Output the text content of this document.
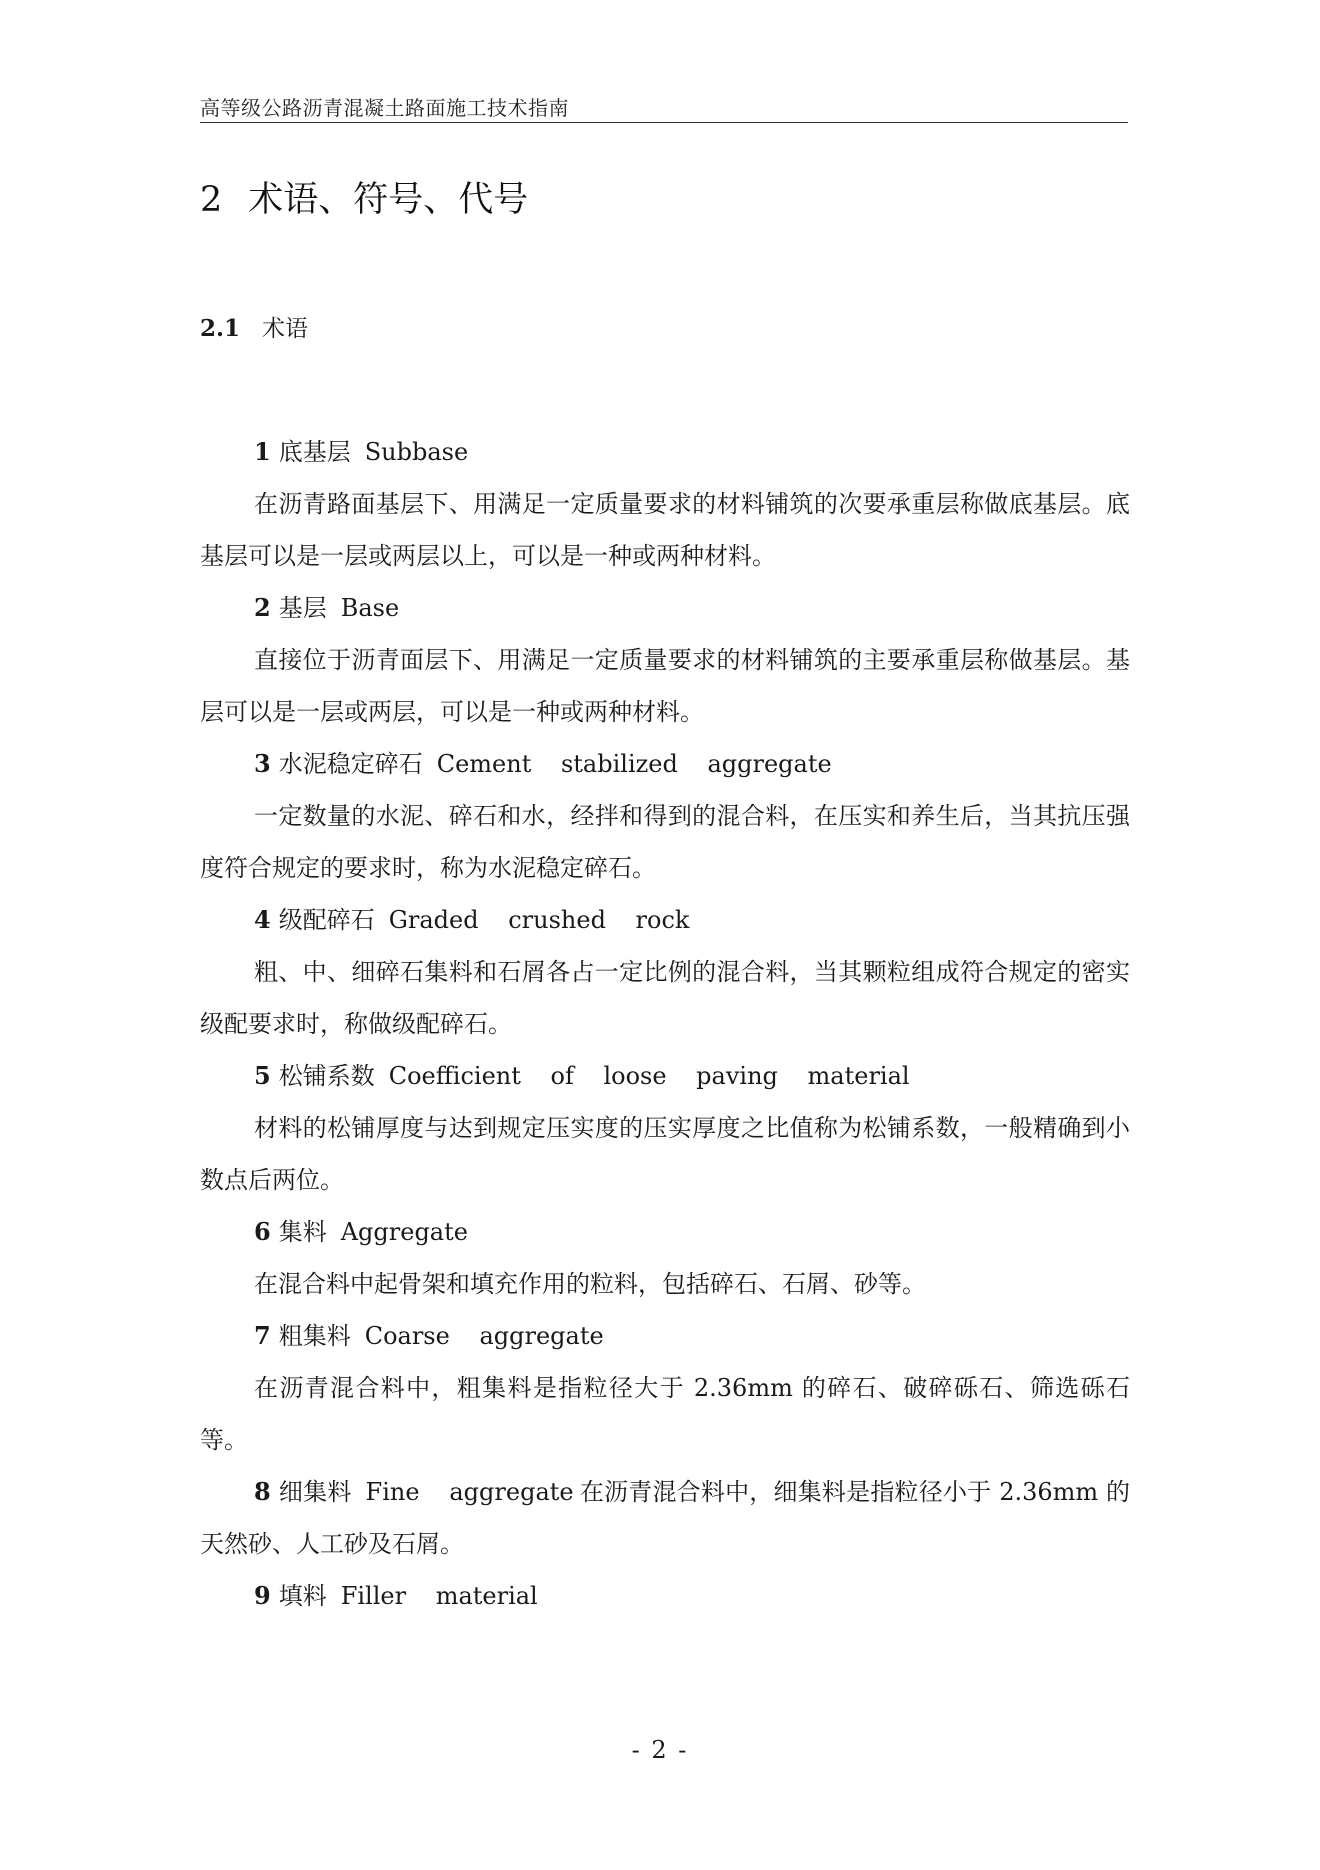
高等级公路沥青混凝土路面施工技术指南
2 术语、符号、代号
2.1 术语

1 底基层 Subbase

在沥青路面基层下、用满足一定质量要求的材料铺筑的次要承重层称做底基层。底基层可以是一层或两层以上，可以是一种或两种材料。

2 基层 Base

直接位于沥青面层下、用满足一定质量要求的材料铺筑的主要承重层称做基层。基层可以是一层或两层，可以是一种或两种材料。

3 水泥稳定碎石 Cement stabilized aggregate

一定数量的水泥、碎石和水，经拌和得到的混合料，在压实和养生后，当其抗压强度符合规定的要求时，称为水泥稳定碎石。

4 级配碎石 Graded crushed rock

粗、中、细碎石集料和石屑各占一定比例的混合料，当其颗粒组成符合规定的密实级配要求时，称做级配碎石。

5 松铺系数 Coefficient of loose paving material

材料的松铺厚度与达到规定压实度的压实厚度之比值称为松铺系数，一般精确到小数点后两位。

6 集料 Aggregate

在混合料中起骨架和填充作用的粒料，包括碎石、石屑、砂等。

7 粗集料 Coarse aggregate

在沥青混合料中，粗集料是指粒径大于 2.36mm 的碎石、破碎砾石、筛选砾石等。

8 细集料 Fine aggregate 在沥青混合料中，细集料是指粒径小于 2.36mm 的天然砂、人工砂及石屑。

9 填料 Filler material

- 2 -
